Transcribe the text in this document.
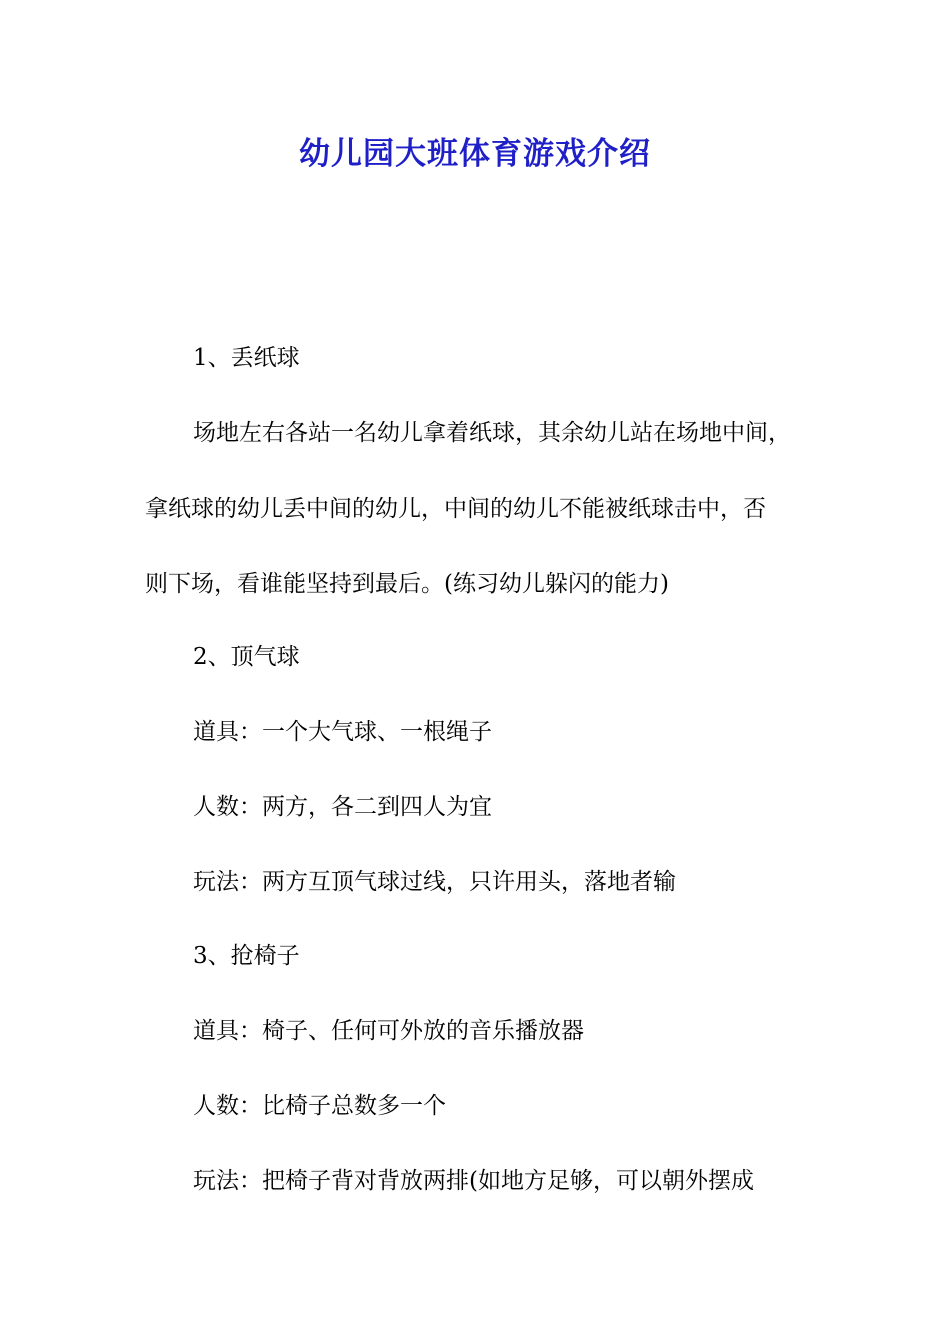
幼儿园大班体育游戏介绍

1、丢纸球

场地左右各站一名幼儿拿着纸球，其余幼儿站在场地中间，

拿纸球的幼儿丢中间的幼儿，中间的幼儿不能被纸球击中，否

则下场，看谁能坚持到最后。(练习幼儿躲闪的能力)

2、顶气球

道具：一个大气球、一根绳子

人数：两方，各二到四人为宜

玩法：两方互顶气球过线，只许用头，落地者输

3、抢椅子

道具：椅子、任何可外放的音乐播放器

人数：比椅子总数多一个

玩法：把椅子背对背放两排(如地方足够，可以朝外摆成
